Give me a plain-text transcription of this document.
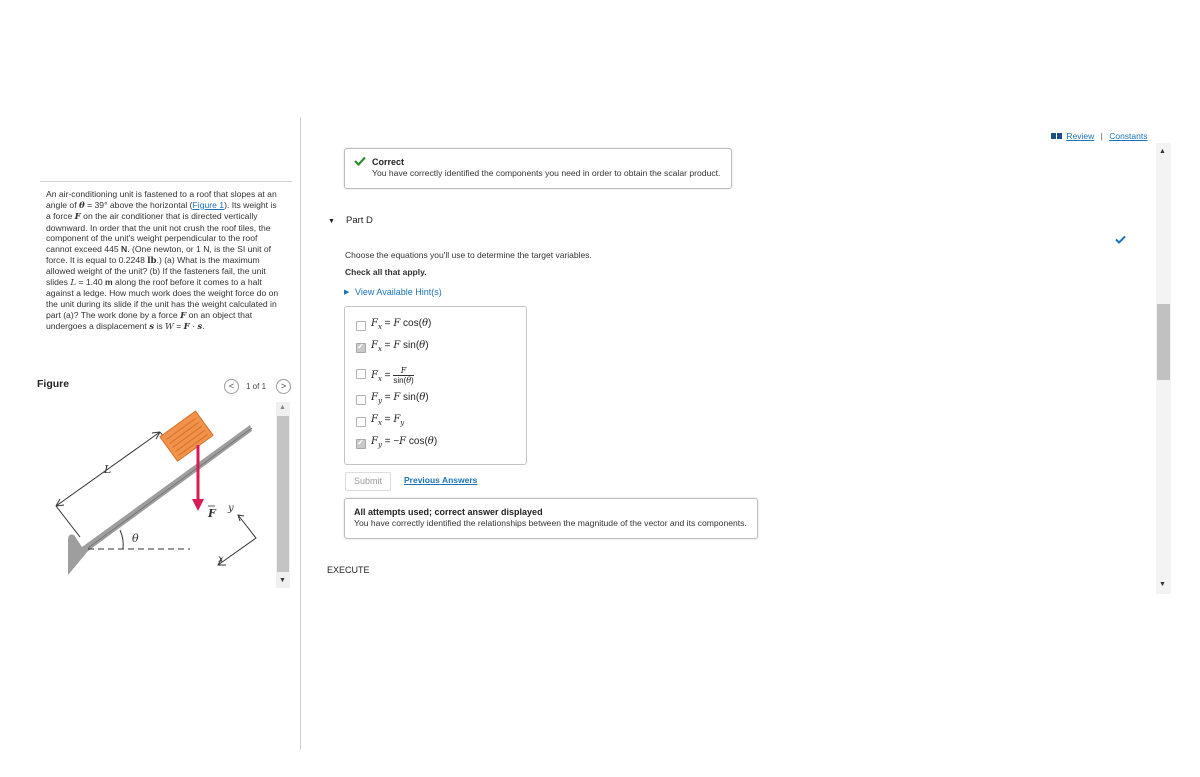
Review | Constants
An air-conditioning unit is fastened to a roof that slopes at an angle of θ = 39° above the horizontal (Figure 1). Its weight is a force F on the air conditioner that is directed vertically downward. In order that the unit not crush the roof tiles, the component of the unit's weight perpendicular to the roof cannot exceed 445 N. (One newton, or 1 N, is the SI unit of force. It is equal to 0.2248 lb.) (a) What is the maximum allowed weight of the unit? (b) If the fasteners fail, the unit slides L = 1.40 m along the roof before it comes to a halt against a ledge. How much work does the weight force do on the unit during its slide if the unit has the weight calculated in part (a)? The work done by a force F on an object that undergoes a displacement s is W = F · s.
Figure	<	1 of 1	>
L
θ
F y
x
▲
▼
Correct
You have correctly identified the components you need in order to obtain the scalar product.
▼ Part D
Choose the equations you'll use to determine the target variables.
Check all that apply.
▶ View Available Hint(s)
$F_x = F$ cos(θ)
✓
$F_x = F$ sin(θ)
$F_x = \frac{F}{\sin(\theta)}$
$F_y = F$ sin(θ)
$F_x = F_y$
✓
$F_y = -F$ cos(θ)
Submit	Previous Answers
All attempts used; correct answer displayed
You have correctly identified the relationships between the magnitude of the vector and its components.
EXECUTE
▲
▼
